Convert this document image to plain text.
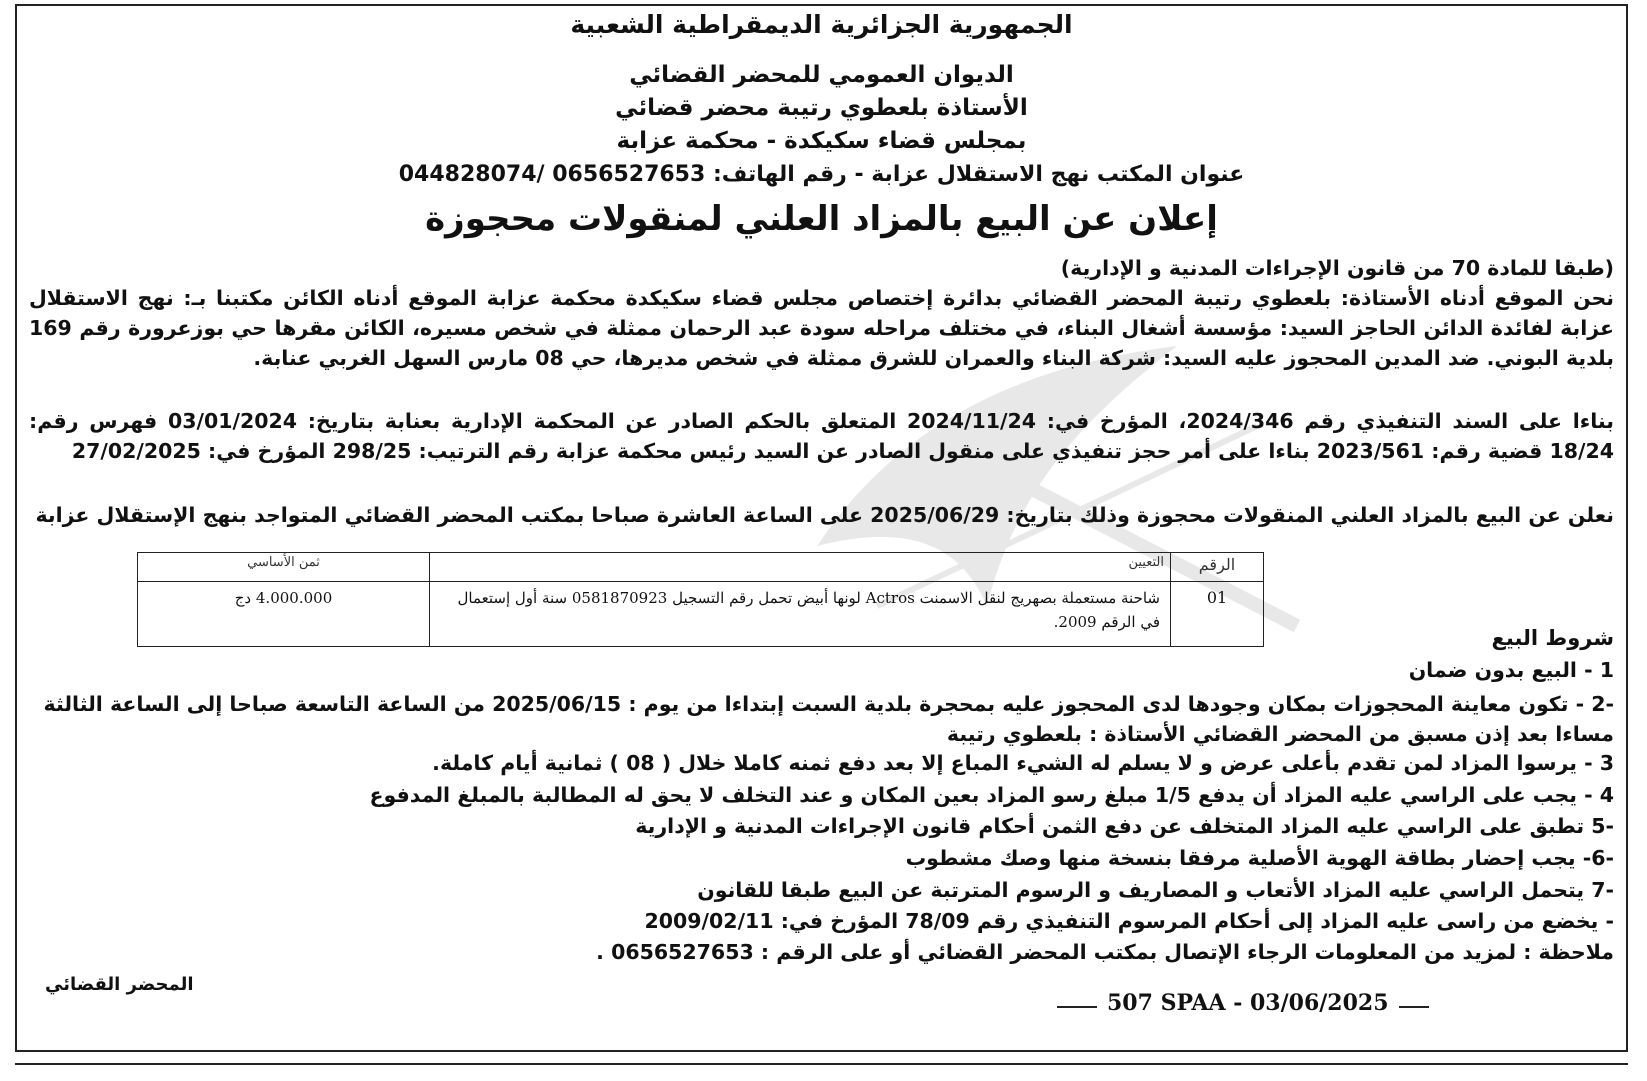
الجمهورية الجزائرية الديمقراطية الشعبية
الديوان العمومي للمحضر القضائي
الأستاذة بلعطوي رتيبة محضر قضائي
بمجلس قضاء سكيكدة - محكمة عزابة
عنوان المكتب نهج الاستقلال عزابة - رقم الهاتف: 0656527653 /044828074
إعلان عن البيع بالمزاد العلني لمنقولات محجوزة
(طبقا للمادة 70 من قانون الإجراءات المدنية و الإدارية)
نحن الموقع أدناه الأستاذة: بلعطوي رتيبة المحضر القضائي بدائرة إختصاص مجلس قضاء سكيكدة محكمة عزابة الموقع أدناه الكائن مكتبنا بـ: نهج الاستقلال عزابة لفائدة الدائن الحاجز السيد: مؤسسة أشغال البناء، في مختلف مراحله سودة عبد الرحمان ممثلة في شخص مسيره، الكائن مقرها حي بوزعرورة رقم 169 بلدية البوني. ضد المدين المحجوز عليه السيد: شركة البناء والعمران للشرق ممثلة في شخص مديرها، حي 08 مارس السهل الغربي عنابة.
بناءا على السند التنفيذي رقم 2024/346، المؤرخ في: 2024/11/24 المتعلق بالحكم الصادر عن المحكمة الإدارية بعنابة بتاريخ: 03/01/2024 فهرس رقم: 18/24 قضية رقم: 2023/561 بناءا على أمر حجز تنفيذي على منقول الصادر عن السيد رئيس محكمة عزابة رقم الترتيب: 298/25 المؤرخ في: 27/02/2025
نعلن عن البيع بالمزاد العلني المنقولات محجوزة وذلك بتاريخ: 2025/06/29 على الساعة العاشرة صباحا بمكتب المحضر القضائي المتواجد بنهج الإستقلال عزابة
الرقم	التعيين	ثمن الأساسي
01	شاحنة مستعملة بصهريج لنقل الاسمنت Actros لونها أبيض تحمل رقم التسجيل 0581870923 سنة أول إستعمال في الرقم 2009.	4.000.000 دج
شروط البيع
1 - البيع بدون ضمان
-2 - تكون معاينة المحجوزات بمكان وجودها لدى المحجوز عليه بمحجرة بلدية السبت إبتداءا من يوم : 2025/06/15 من الساعة التاسعة صباحا إلى الساعة الثالثة مساءا بعد إذن مسبق من المحضر القضائي الأستاذة : بلعطوي رتيبة
3 - يرسوا المزاد لمن تقدم بأعلى عرض و لا يسلم له الشيء المباع إلا بعد دفع ثمنه كاملا خلال ( 08 ) ثمانية أيام كاملة.
4 - يجب على الراسي عليه المزاد أن يدفع 1/5 مبلغ رسو المزاد بعين المكان و عند التخلف لا يحق له المطالبة بالمبلغ المدفوع
-5 تطبق على الراسي عليه المزاد المتخلف عن دفع الثمن أحكام قانون الإجراءات المدنية و الإدارية
-6- يجب إحضار بطاقة الهوية الأصلية مرفقا بنسخة منها وصك مشطوب
-7 يتحمل الراسي عليه المزاد الأتعاب و المصاريف و الرسوم المترتبة عن البيع طبقا للقانون
- يخضع من راسى عليه المزاد إلى أحكام المرسوم التنفيذي رقم 78/09 المؤرخ في: 2009/02/11
ملاحظة : لمزيد من المعلومات الرجاء الإتصال بمكتب المحضر القضائي أو على الرقم : 0656527653 .
المحضر القضائي
507 SPAA - 03/06/2025
